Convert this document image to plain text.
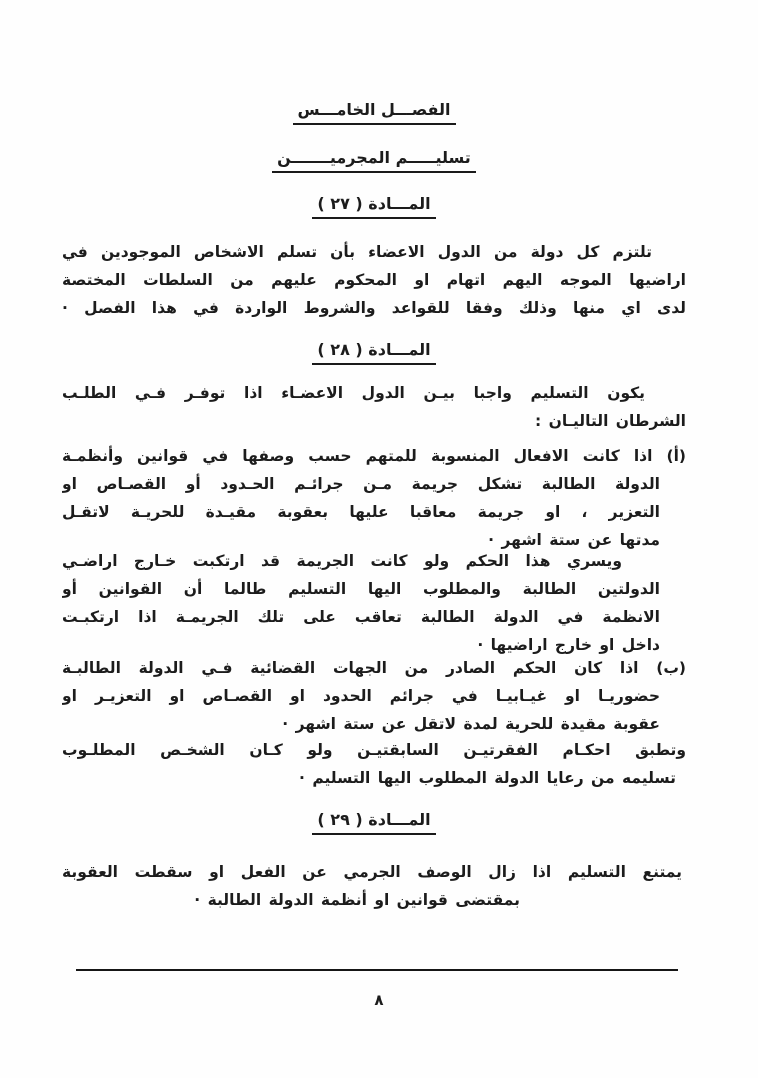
الفصـــل الخامـــس
تسليـــــم المجرميـــــــن
المـــادة ( ٢٧ )
تلتزم كل دولة من الدول الاعضاء بأن تسلم الاشخاص الموجودين في
اراضيها الموجه اليهم اتهام او المحكوم عليهم من السلطات المختصة
لدى اي منها وذلك وفقا للقواعد والشروط الواردة في هذا الفصل ·
المـــادة ( ٢٨ )
يكون التسليم واجبا بيـن الدول الاعضـاء اذا توفـر فـي الطلـب
الشرطان التاليـان :
(أ) اذا كانت الافعال المنسوبة للمتهم حسب وصفها في قوانين وأنظمـة
الدولة الطالبة تشكل جريمة مـن جرائـم الحـدود أو القصـاص او
التعزير ، او جريمة معاقبا عليها بعقوبة مقيـدة للحريـة لاتقـل
مدتها عن ستة اشهر ·
ويسري هذا الحكم ولو كانت الجريمة قد ارتكبت خـارج اراضـي
الدولتين الطالبة والمطلوب اليها التسليم طالما أن القوانين أو
الانظمة في الدولة الطالبة تعاقب على تلك الجريمـة اذا ارتكبـت
داخل او خارج اراضيها ·
(ب) اذا كان الحكم الصادر من الجهات القضائية فـي الدولة الطالبـة
حضوريـا او غيـابيـا في جرائم الحدود او القصـاص او التعزيـر او
عقوبة مقيدة للحرية لمدة لاتقل عن ستة اشهر ·
وتطبق احكـام الفقرتيـن السابقتيـن ولو كـان الشخـص المطلـوب
تسليمه من رعايا الدولة المطلوب اليها التسليم ·
المـــادة ( ٢٩ )
يمتنع التسليم اذا زال الوصف الجرمي عن الفعل او سقطت العقوبة
بمقتضى قوانين او أنظمة الدولة الطالبة ·
٨
